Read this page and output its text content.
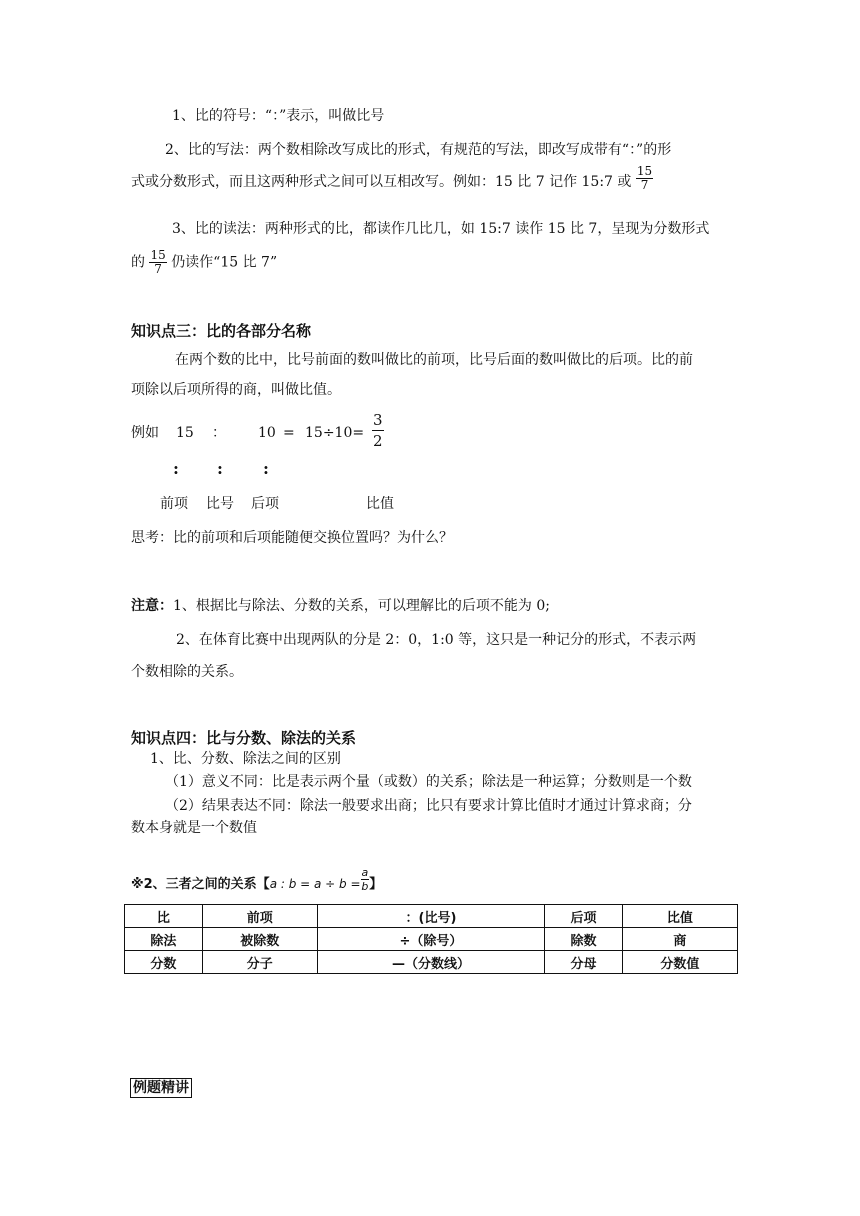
1、比的符号：“：”表示，叫做比号
2、比的写法：两个数相除改写成比的形式，有规范的写法，即改写成带有“：”的形
式或分数形式，而且这两种形式之间可以互相改写。例如：15 比 7 记作 15:7 或 $\frac{15}{7}$
3、比的读法：两种形式的比，都读作几比几，如 15:7 读作 15 比 7，呈现为分数形式
的 $\frac{15}{7}$ 仍读作“15 比 7”
知识点三：比的各部分名称
在两个数的比中，比号前面的数叫做比的前项，比号后面的数叫做比的后项。比的前
项除以后项所得的商，叫做比值。
例如 15 ： $10 = 15\div 10= \frac{3}{2}$
: :	:
前项 比号 后项	比值
思考：比的前项和后项能随便交换位置吗？为什么？
注意：1、根据比与除法、分数的关系，可以理解比的后项不能为 0;
2、在体育比赛中出现两队的分是 2：0，1:0 等，这只是一种记分的形式，不表示两
个数相除的关系。
知识点四：比与分数、除法的关系
1、比、分数、除法之间的区别
（1）意义不同：比是表示两个量（或数）的关系；除法是一种运算；分数则是一个数
（2）结果表达不同：除法一般要求出商；比只有要求计算比值时才通过计算求商；分
数本身就是一个数值
※2、三者之间的关系【a : $b = a \div b = \frac{a}{b}$ 】
比	前项	：(比号)	后项	比值
除法	被除数	÷（除号）	除数	商
分数	分子	—（分数线）	分母	分数值
例题精讲
